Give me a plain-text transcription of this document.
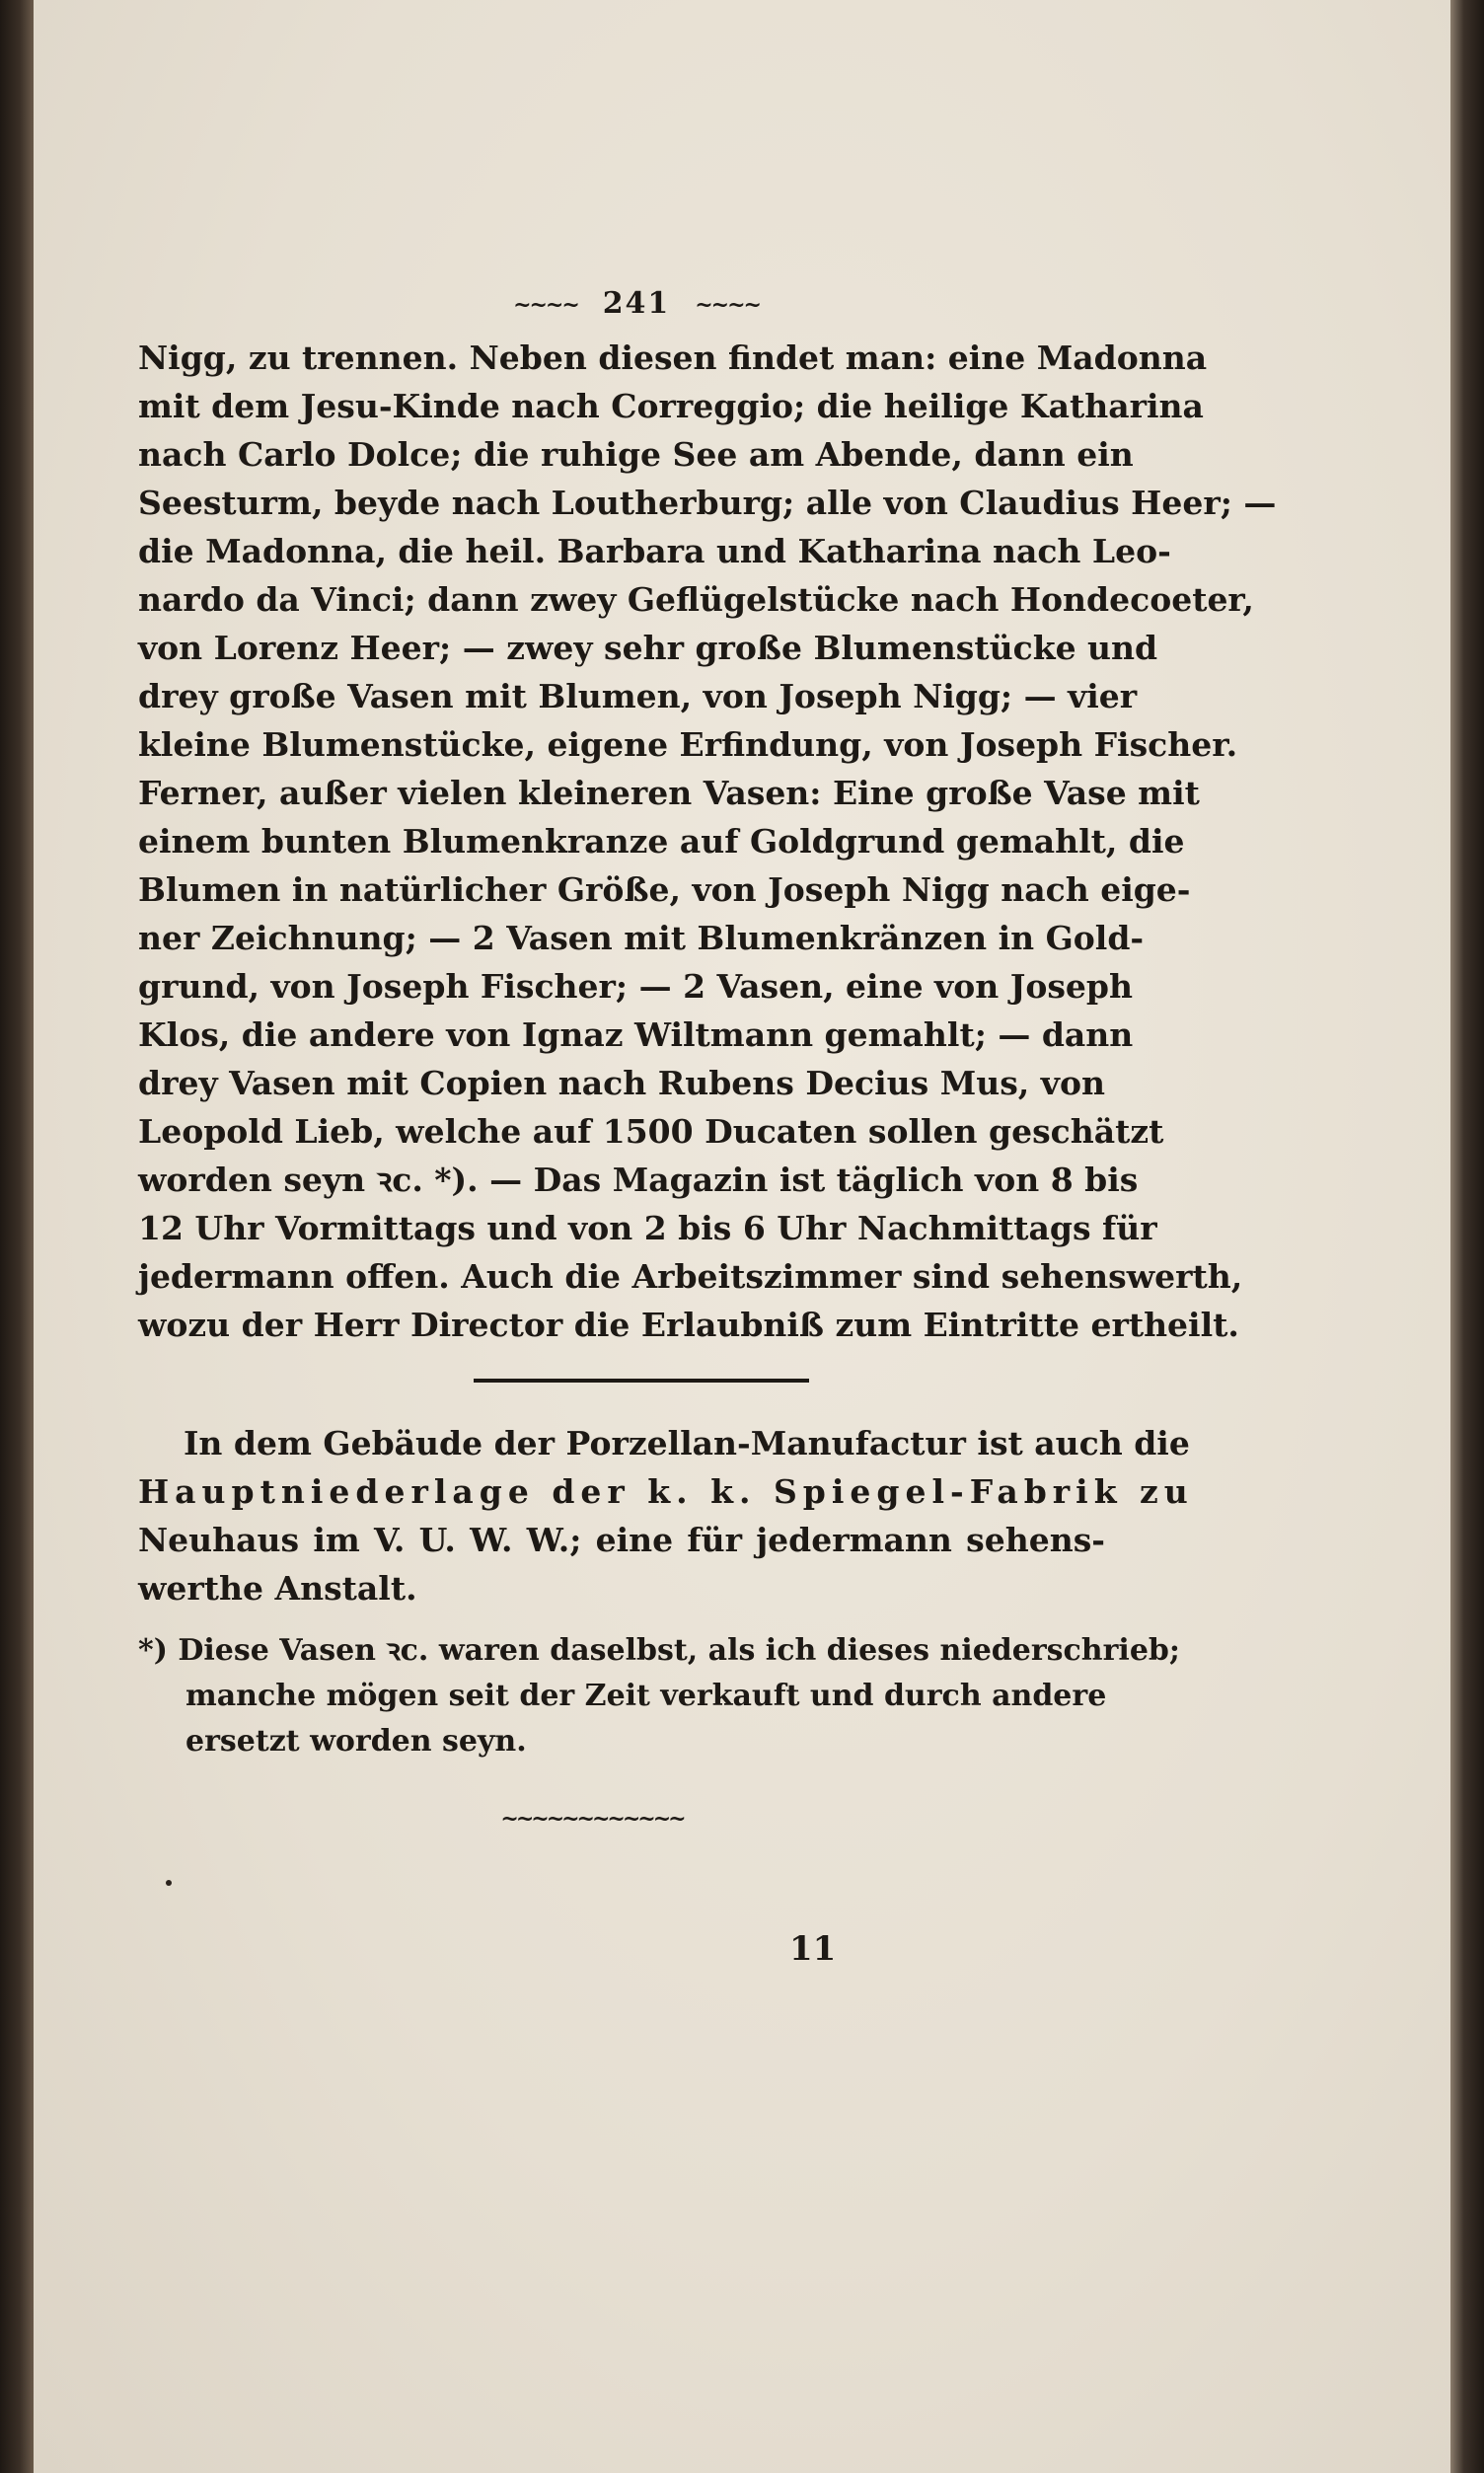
~~~~ 241 ~~~~
Nigg, zu trennen. Neben diesen findet man: eine Madonna
mit dem Jesu-Kinde nach Correggio; die heilige Katharina
nach Carlo Dolce; die ruhige See am Abende, dann ein
Seesturm, beyde nach Loutherburg; alle von Claudius Heer; —
die Madonna, die heil. Barbara und Katharina nach Leo-
nardo da Vinci; dann zwey Geflügelstücke nach Hondecoeter,
von Lorenz Heer; — zwey sehr große Blumenstücke und
drey große Vasen mit Blumen, von Joseph Nigg; — vier
kleine Blumenstücke, eigene Erfindung, von Joseph Fischer.
Ferner, außer vielen kleineren Vasen: Eine große Vase mit
einem bunten Blumenkranze auf Goldgrund gemahlt, die
Blumen in natürlicher Größe, von Joseph Nigg nach eige-
ner Zeichnung; — 2 Vasen mit Blumenkränzen in Gold-
grund, von Joseph Fischer; — 2 Vasen, eine von Joseph
Klos, die andere von Ignaz Wiltmann gemahlt; — dann
drey Vasen mit Copien nach Rubens Decius Mus, von
Leopold Lieb, welche auf 1500 Ducaten sollen geschätzt
worden seyn ꝛc. *). — Das Magazin ist täglich von 8 bis
12 Uhr Vormittags und von 2 bis 6 Uhr Nachmittags für
jedermann offen. Auch die Arbeitszimmer sind sehenswerth,
wozu der Herr Director die Erlaubniß zum Eintritte ertheilt.
In dem Gebäude der Porzellan-Manufactur ist auch die
Hauptniederlage der k. k. Spiegel-Fabrik zu
Neuhaus im V. U. W. W.; eine für jedermann sehens-
werthe Anstalt.
*) Diese Vasen ꝛc. waren daselbst, als ich dieses niederschrieb;
manche mögen seit der Zeit verkauft und durch andere
ersetzt worden seyn.
~~~~~~~~~~~~
11
